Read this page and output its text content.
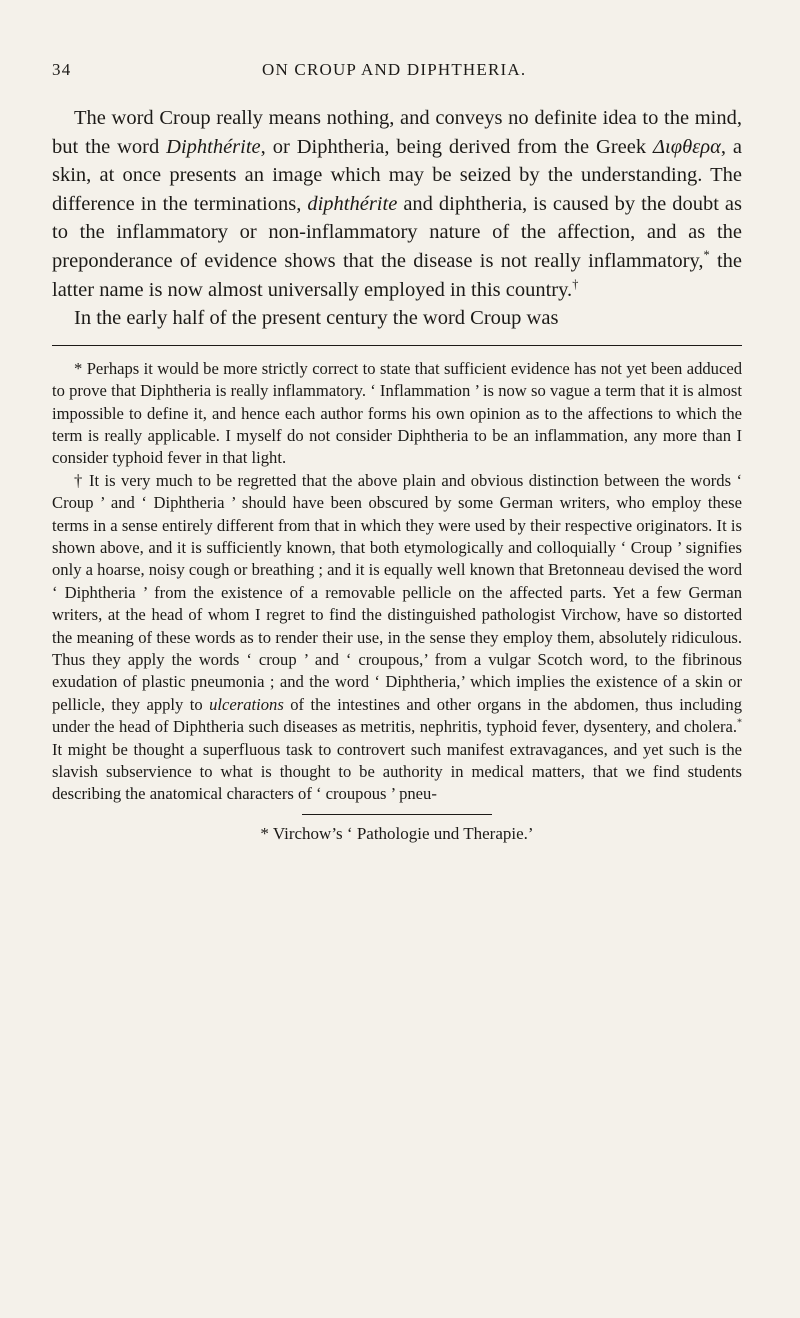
34	ON CROUP AND DIPHTHERIA.

The word Croup really means nothing, and conveys no definite idea to the mind, but the word Diphthérite, or Diphtheria, being derived from the Greek Διφθερα, a skin, at once presents an image which may be seized by the understanding. The difference in the terminations, diphthérite and diphtheria, is caused by the doubt as to the inflammatory or non-inflammatory nature of the affection, and as the preponderance of evidence shows that the disease is not really inflammatory,* the latter name is now almost universally employed in this country.†

In the early half of the present century the word Croup was

* Perhaps it would be more strictly correct to state that sufficient evidence has not yet been adduced to prove that Diphtheria is really inflammatory. ‘ Inflammation ’ is now so vague a term that it is almost impossible to define it, and hence each author forms his own opinion as to the affections to which the term is really applicable. I myself do not consider Diphtheria to be an inflammation, any more than I consider typhoid fever in that light.

† It is very much to be regretted that the above plain and obvious distinction between the words ‘ Croup ’ and ‘ Diphtheria ’ should have been obscured by some German writers, who employ these terms in a sense entirely different from that in which they were used by their respective originators. It is shown above, and it is sufficiently known, that both etymologically and colloquially ‘ Croup ’ signifies only a hoarse, noisy cough or breathing ; and it is equally well known that Bretonneau devised the word ‘ Diphtheria ’ from the existence of a removable pellicle on the affected parts. Yet a few German writers, at the head of whom I regret to find the distinguished pathologist Virchow, have so distorted the meaning of these words as to render their use, in the sense they employ them, absolutely ridiculous. Thus they apply the words ‘ croup ’ and ‘ croupous,’ from a vulgar Scotch word, to the fibrinous exudation of plastic pneumonia ; and the word ‘ Diphtheria,’ which implies the existence of a skin or pellicle, they apply to ulcerations of the intestines and other organs in the abdomen, thus including under the head of Diphtheria such diseases as metritis, nephritis, typhoid fever, dysentery, and cholera.* It might be thought a superfluous task to controvert such manifest extravagances, and yet such is the slavish subservience to what is thought to be authority in medical matters, that we find students describing the anatomical characters of ‘ croupous ’ pneu-

* Virchow’s ‘ Pathologie und Therapie.’
